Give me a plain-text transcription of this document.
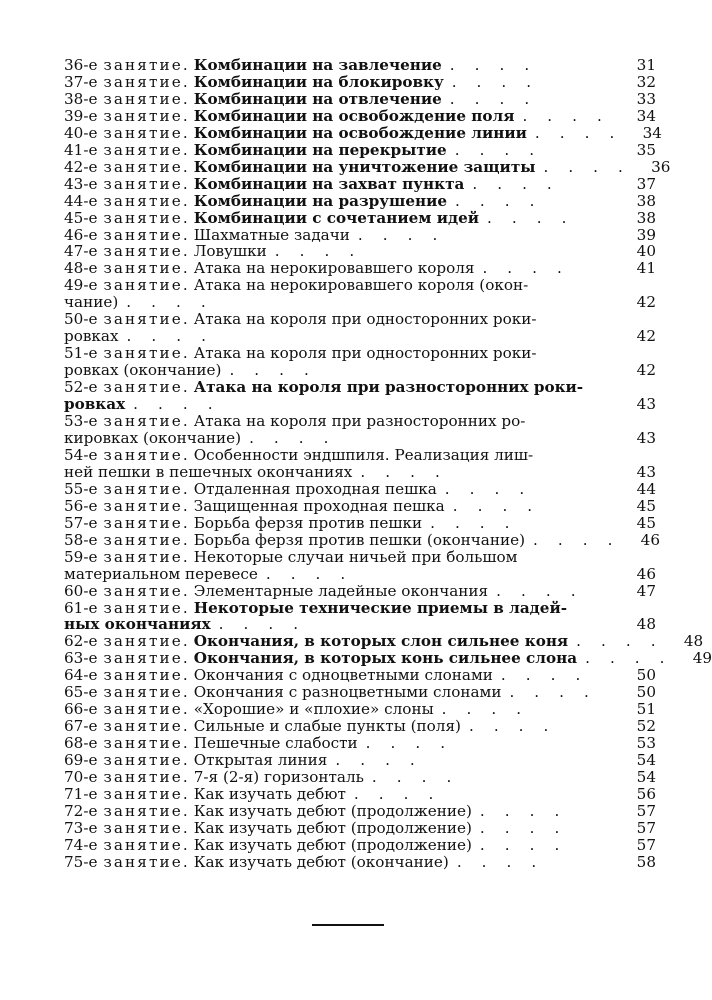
36-е занятие. Комбинации на завлечение . . . .	31
37-е занятие. Комбинации на блокировку . . . .	32
38-е занятие. Комбинации на отвлечение . . . .	33
39-е занятие. Комбинации на освобождение поля . . . .	34
40-е занятие. Комбинации на освобождение линии . . . .	34
41-е занятие. Комбинации на перекрытие . . . .	35
42-е занятие. Комбинации на уничтожение защиты . . . .	36
43-е занятие. Комбинации на захват пункта . . . .	37
44-е занятие. Комбинации на разрушение . . . .	38
45-е занятие. Комбинации с сочетанием идей . . . .	38
46-е занятие. Шахматные задачи . . . .	39
47-е занятие. Ловушки . . . .	40
48-е занятие. Атака на нерокировавшего короля . . . .	41
49-е занятие. Атака на нерокировавшего короля (окон-
чание) . . . .	42
50-е занятие. Атака на короля при односторонних роки-
ровках . . . .	42
51-е занятие. Атака на короля при односторонних роки-
ровках (окончание) . . . .	42
52-е занятие. Атака на короля при разносторонних роки-
ровках . . . .	43
53-е занятие. Атака на короля при разносторонних ро-
кировках (окончание) . . . .	43
54-е занятие. Особенности эндшпиля. Реализация лиш-
ней пешки в пешечных окончаниях . . . .	43
55-е занятие. Отдаленная проходная пешка . . . .	44
56-е занятие. Защищенная проходная пешка . . . .	45
57-е занятие. Борьба ферзя против пешки . . . .	45
58-е занятие. Борьба ферзя против пешки (окончание) . . . .	46
59-е занятие. Некоторые случаи ничьей при большом
материальном перевесе . . . .	46
60-е занятие. Элементарные ладейные окончания . . . .	47
61-е занятие. Некоторые технические приемы в ладей-
ных окончаниях . . . .	48
62-е занятие. Окончания, в которых слон сильнее коня . . . .	48
63-е занятие. Окончания, в которых конь сильнее слона . . . .	49
64-е занятие. Окончания с одноцветными слонами . . . .	50
65-е занятие. Окончания с разноцветными слонами . . . .	50
66-е занятие. «Хорошие» и «плохие» слоны . . . .	51
67-е занятие. Сильные и слабые пункты (поля) . . . .	52
68-е занятие. Пешечные слабости . . . .	53
69-е занятие. Открытая линия . . . .	54
70-е занятие. 7-я (2-я) горизонталь . . . .	54
71-е занятие. Как изучать дебют . . . .	56
72-е занятие. Как изучать дебют (продолжение) . . . .	57
73-е занятие. Как изучать дебют (продолжение) . . . .	57
74-е занятие. Как изучать дебют (продолжение) . . . .	57
75-е занятие. Как изучать дебют (окончание) . . . .	58
